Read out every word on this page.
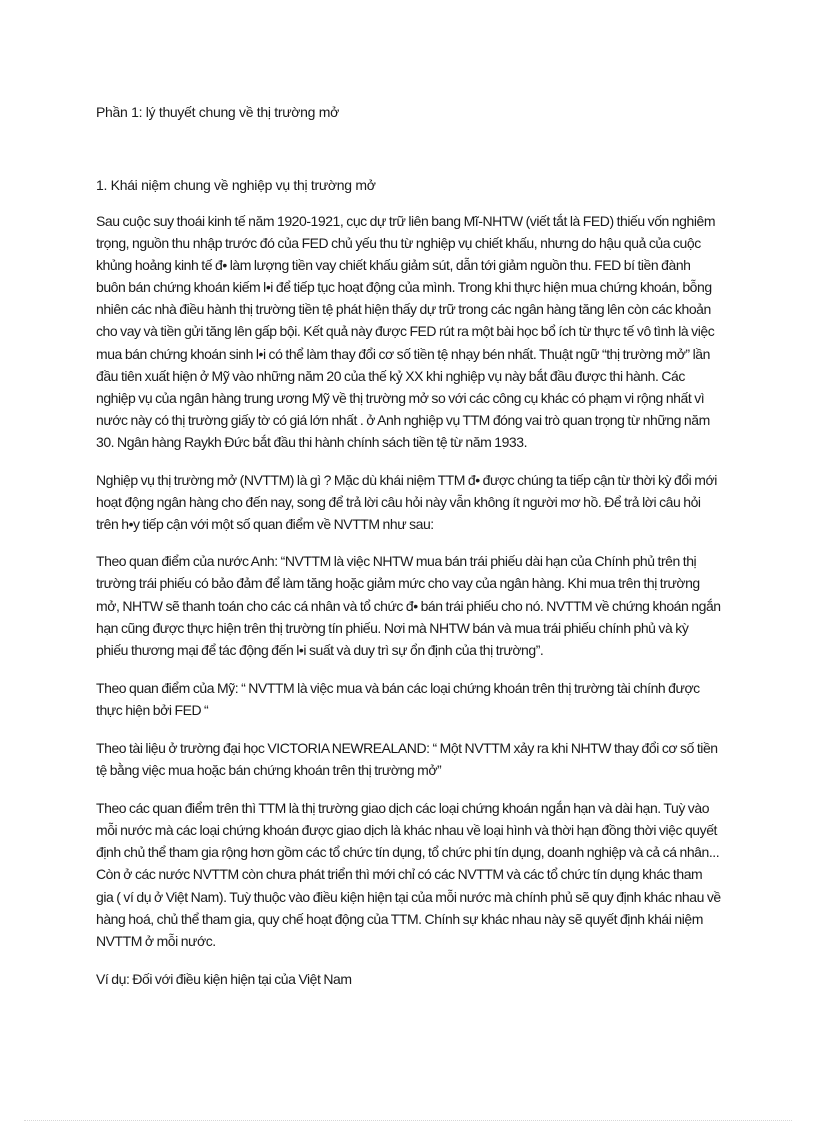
Phần 1: lý thuyết chung về thị trường mở
1. Khái niệm chung về nghiệp vụ thị trường mở

Sau cuộc suy thoái kinh tế năm 1920-1921, cục dự trữ liên bang Mĩ-NHTW (viết tắt là FED) thiếu vốn nghiêm trọng, nguồn thu nhập trước đó của FED chủ yếu thu từ nghiệp vụ chiết khấu, nhưng do hậu quả của cuộc khủng hoảng kinh tế đ• làm lượng tiền vay chiết khấu giảm sút, dẫn tới giảm nguồn thu. FED bí tiền đành buôn bán chứng khoán kiếm l•i để tiếp tục hoạt động của mình. Trong khi thực hiện mua chứng khoán, bỗng nhiên các nhà điều hành thị trường tiền tệ phát hiện thấy dự trữ trong các ngân hàng tăng lên còn các khoản cho vay và tiền gửi tăng lên gấp bội. Kết quả này được FED rút ra một bài học bổ ích từ thực tế vô tình là việc mua bán chứng khoán sinh l•i có thể làm thay đổi cơ số tiền tệ nhạy bén nhất. Thuật ngữ “thị trường mở” lần đầu tiên xuất hiện ở Mỹ vào những năm 20 của thế kỷ XX khi nghiệp vụ này bắt đầu được thi hành. Các nghiệp vụ của ngân hàng trung ương Mỹ về thị trường mở so với các công cụ khác có phạm vi rộng nhất vì nước này có thị trường giấy tờ có giá lớn nhất . ở Anh nghiệp vụ TTM đóng vai trò quan trọng từ những năm 30. Ngân hàng Raykh Đức bắt đầu thi hành chính sách tiền tệ từ năm 1933.

Nghiệp vụ thị trường mở (NVTTM) là gì ? Mặc dù khái niệm TTM đ• được chúng ta tiếp cận từ thời kỳ đổi mới hoạt động ngân hàng cho đến nay, song để trả lời câu hỏi này vẫn không ít người mơ hồ. Để trả lời câu hỏi trên h•y tiếp cận với một số quan điểm về NVTTM như sau:

Theo quan điểm của nước Anh: “NVTTM là việc NHTW mua bán trái phiếu dài hạn của Chính phủ trên thị trường trái phiếu có bảo đảm để làm tăng hoặc giảm mức cho vay của ngân hàng. Khi mua trên thị trường mở, NHTW sẽ thanh toán cho các cá nhân và tổ chức đ• bán trái phiếu cho nó. NVTTM về chứng khoán ngắn hạn cũng được thực hiện trên thị trường tín phiếu. Nơi mà NHTW bán và mua trái phiếu chính phủ và kỳ phiếu thương mại để tác động đến l•i suất và duy trì sự ổn định của thị trường”.

Theo quan điểm của Mỹ: “ NVTTM là việc mua và bán các loại chứng khoán trên thị trường tài chính được thực hiện bởi FED “

Theo tài liệu ở trường đại học VICTORIA NEWREALAND: “ Một NVTTM xảy ra khi NHTW thay đổi cơ số tiền tệ bằng việc mua hoặc bán chứng khoán trên thị trường mở”

Theo các quan điểm trên thì TTM là thị trường giao dịch các loại chứng khoán ngắn hạn và dài hạn. Tuỳ vào mỗi nước mà các loại chứng khoán được giao dịch là khác nhau về loại hình và thời hạn đồng thời việc quyết định chủ thể tham gia rộng hơn gồm các tổ chức tín dụng, tổ chức phi tín dụng, doanh nghiệp và cả cá nhân... Còn ở các nước NVTTM còn chưa phát triển thì mới chỉ có các NVTTM và các tổ chức tín dụng khác tham gia ( ví dụ ở Việt Nam). Tuỳ thuộc vào điều kiện hiện tại của mỗi nước mà chính phủ sẽ quy định khác nhau về hàng hoá, chủ thể tham gia, quy chế hoạt động của TTM. Chính sự khác nhau này sẽ quyết định khái niệm NVTTM ở mỗi nước.

Ví dụ: Đối với điều kiện hiện tại của Việt Nam
